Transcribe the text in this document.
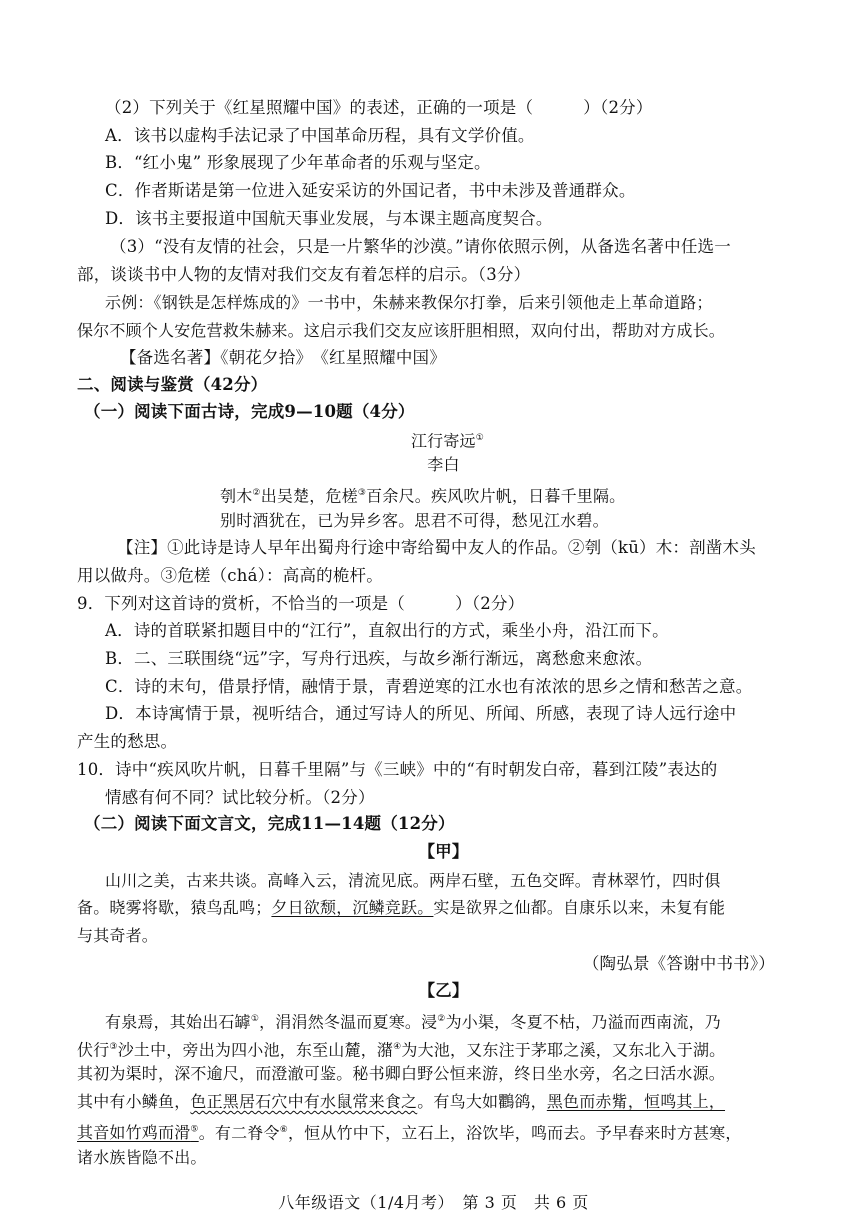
（2）下列关于《红星照耀中国》的表述，正确的一项是（　　　）（2分）
A．该书以虚构手法记录了中国革命历程，具有文学价值。
B．“红小鬼” 形象展现了少年革命者的乐观与坚定。
C．作者斯诺是第一位进入延安采访的外国记者，书中未涉及普通群众。
D．该书主要报道中国航天事业发展，与本课主题高度契合。
（3）“没有友情的社会，只是一片繁华的沙漠。”请你依照示例，从备选名著中任选一
部，谈谈书中人物的友情对我们交友有着怎样的启示。（3分）
示例：《钢铁是怎样炼成的》一书中，朱赫来教保尔打拳，后来引领他走上革命道路；
保尔不顾个人安危营救朱赫来。这启示我们交友应该肝胆相照，双向付出，帮助对方成长。
【备选名著】《朝花夕拾》　《红星照耀中国》
二、阅读与鉴赏（42分）
（一）阅读下面古诗，完成9—10题（4分）
江行寄远①
李白
刳木②出吴楚，危槎③百余尺。疾风吹片帆，日暮千里隔。
别时酒犹在，已为异乡客。思君不可得，愁见江水碧。
【注】①此诗是诗人早年出蜀舟行途中寄给蜀中友人的作品。②刳（kū）木：剖凿木头
用以做舟。③危槎（chá）：高高的桅杆。
9．下列对这首诗的赏析，不恰当的一项是（　　　）（2分）
A．诗的首联紧扣题目中的“江行”，直叙出行的方式，乘坐小舟，沿江而下。
B．二、三联围绕“远”字，写舟行迅疾，与故乡渐行渐远，离愁愈来愈浓。
C．诗的末句，借景抒情，融情于景，青碧逆寒的江水也有浓浓的思乡之情和愁苦之意。
D．本诗寓情于景，视听结合，通过写诗人的所见、所闻、所感，表现了诗人远行途中
产生的愁思。
10．诗中“疾风吹片帆，日暮千里隔”与《三峡》中的“有时朝发白帝，暮到江陵”表达的
情感有何不同？试比较分析。（2分）
（二）阅读下面文言文，完成11—14题（12分）
【甲】
山川之美，古来共谈。高峰入云，清流见底。两岸石壁，五色交晖。青林翠竹，四时俱
备。晓雾将歇，猿鸟乱鸣；夕日欲颓，沉鳞竞跃。实是欲界之仙都。自康乐以来，未复有能
与其奇者。
（陶弘景《答谢中书书》）
【乙】
有泉焉，其始出石罅①，涓涓然冬温而夏寒。浸②为小渠，冬夏不枯，乃溢而西南流，乃
伏行③沙土中，旁出为四小池，东至山麓，潴④为大池，又东注于茅耶之溪，又东北入于湖。
其初为渠时，深不逾尺，而澄澈可鉴。秘书卿白野公恒来游，终日坐水旁，名之曰活水源。
其中有小鳞鱼，色正黑居石穴中有水鼠常来食之。有鸟大如鸜鹆，黑色而赤觜，恒鸣其上，
其音如竹鸡而滑⑤。有二脊令⑥，恒从竹中下，立石上，浴饮毕，鸣而去。予早春来时方甚寒，
诸水族皆隐不出。
八年级语文（1/4月考）　第 3 页　共 6 页
